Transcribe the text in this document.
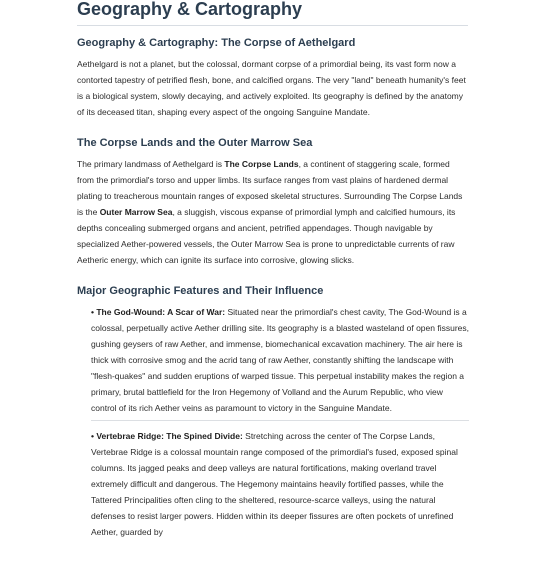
Geography & Cartography
Geography & Cartography: The Corpse of Aethelgard

Aethelgard is not a planet, but the colossal, dormant corpse of a primordial being, its vast form now a contorted tapestry of petrified flesh, bone, and calcified organs. The very "land" beneath humanity's feet is a biological system, slowly decaying, and actively exploited. Its geography is defined by the anatomy of its deceased titan, shaping every aspect of the ongoing Sanguine Mandate.

The Corpse Lands and the Outer Marrow Sea

The primary landmass of Aethelgard is The Corpse Lands, a continent of staggering scale, formed from the primordial's torso and upper limbs. Its surface ranges from vast plains of hardened dermal plating to treacherous mountain ranges of exposed skeletal structures. Surrounding The Corpse Lands is the Outer Marrow Sea, a sluggish, viscous expanse of primordial lymph and calcified humours, its depths concealing submerged organs and ancient, petrified appendages. Though navigable by specialized Aether-powered vessels, the Outer Marrow Sea is prone to unpredictable currents of raw Aetheric energy, which can ignite its surface into corrosive, glowing slicks.

Major Geographic Features and Their Influence

• The God-Wound: A Scar of War: Situated near the primordial's chest cavity, The God-Wound is a colossal, perpetually active Aether drilling site. Its geography is a blasted wasteland of open fissures, gushing geysers of raw Aether, and immense, biomechanical excavation machinery. The air here is thick with corrosive smog and the acrid tang of raw Aether, constantly shifting the landscape with "flesh-quakes" and sudden eruptions of warped tissue. This perpetual instability makes the region a primary, brutal battlefield for the Iron Hegemony of Volland and the Aurum Republic, who view control of its rich Aether veins as paramount to victory in the Sanguine Mandate.

• Vertebrae Ridge: The Spined Divide: Stretching across the center of The Corpse Lands, Vertebrae Ridge is a colossal mountain range composed of the primordial's fused, exposed spinal columns. Its jagged peaks and deep valleys are natural fortifications, making overland travel extremely difficult and dangerous. The Hegemony maintains heavily fortified passes, while the Tattered Principalities often cling to the sheltered, resource-scarce valleys, using the natural defenses to resist larger powers. Hidden within its deeper fissures are often pockets of unrefined Aether, guarded by
